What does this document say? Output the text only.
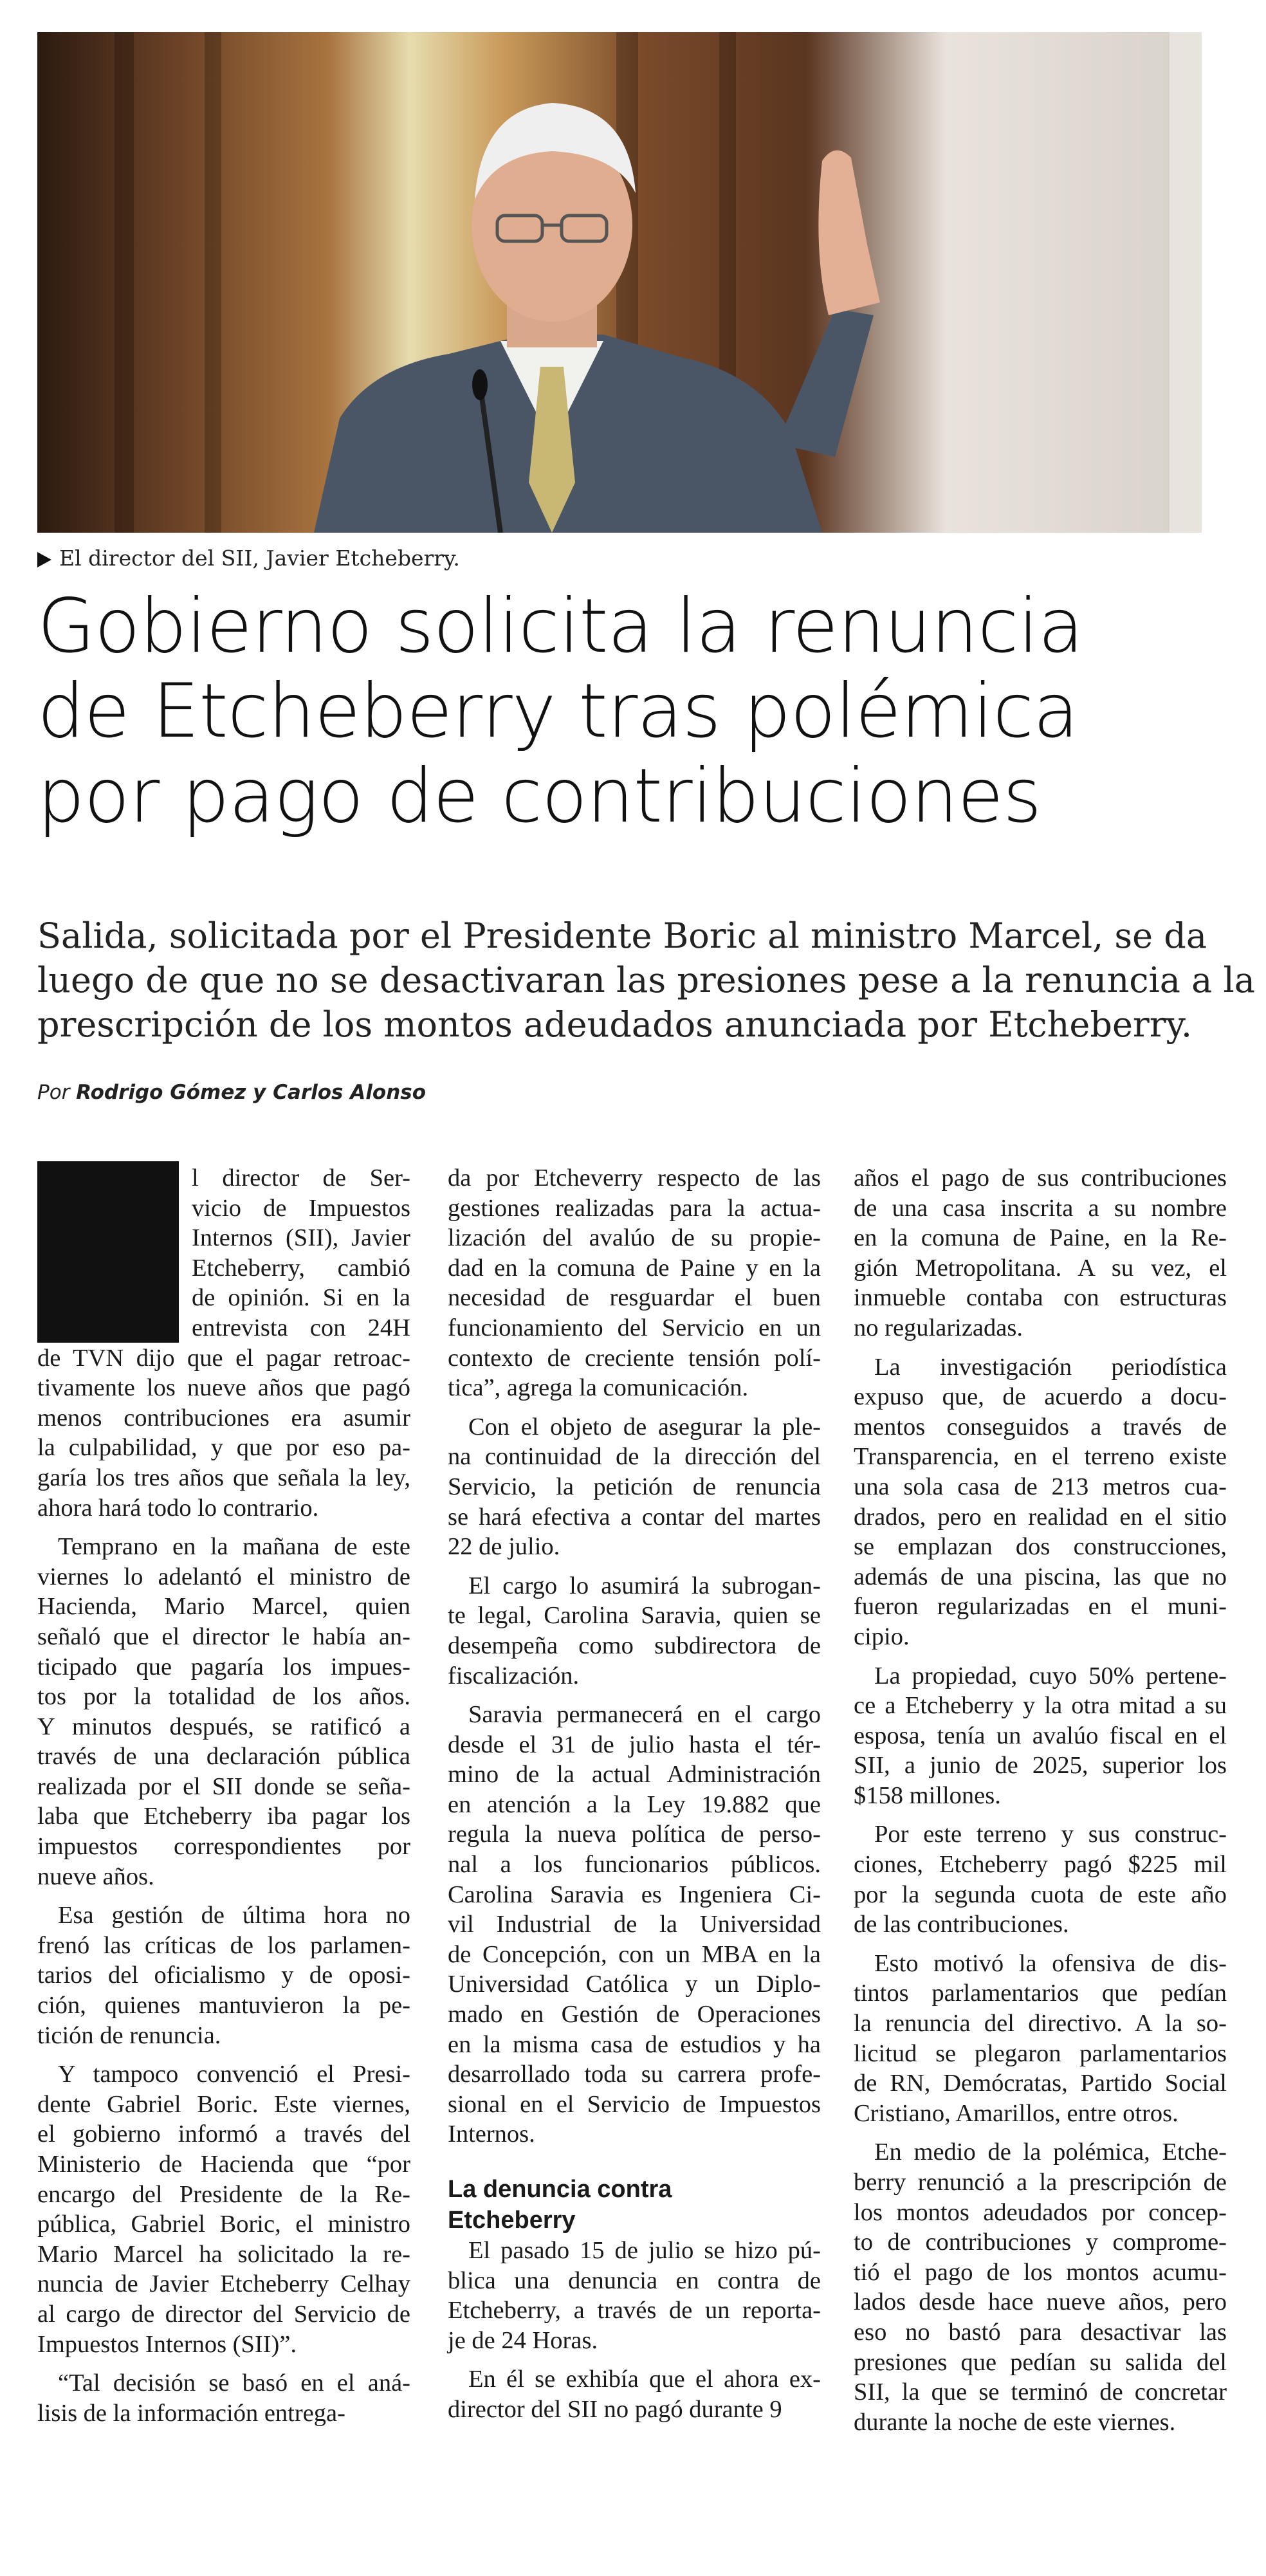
El director del SII, Javier Etcheberry.
Gobierno solicita la renuncia
de Etcheberry tras polémica
por pago de contribuciones
Salida, solicitada por el Presidente Boric al ministro Marcel, se da
luego de que no se desactivaran las presiones pese a la renuncia a la
prescripción de los montos adeudados anunciada por Etcheberry.
Por Rodrigo Gómez y Carlos Alonso
E l director de Ser-
vicio de Impuestos
Internos (SII), Javier
Etcheberry, cambió
de opinión. Si en la
entrevista con 24H
de TVN dijo que el pagar retroac-
tivamente los nueve años que pagó
menos contribuciones era asumir
la culpabilidad, y que por eso pa-
garía los tres años que señala la ley,
ahora hará todo lo contrario.
Temprano en la mañana de este
viernes lo adelantó el ministro de
Hacienda, Mario Marcel, quien
señaló que el director le había an-
ticipado que pagaría los impues-
tos por la totalidad de los años.
Y minutos después, se ratificó a
través de una declaración pública
realizada por el SII donde se seña-
laba que Etcheberry iba pagar los
impuestos correspondientes por
nueve años.
Esa gestión de última hora no
frenó las críticas de los parlamen-
tarios del oficialismo y de oposi-
ción, quienes mantuvieron la pe-
tición de renuncia.
Y tampoco convenció el Presi-
dente Gabriel Boric. Este viernes,
el gobierno informó a través del
Ministerio de Hacienda que “por
encargo del Presidente de la Re-
pública, Gabriel Boric, el ministro
Mario Marcel ha solicitado la re-
nuncia de Javier Etcheberry Celhay
al cargo de director del Servicio de
Impuestos Internos (SII)”.
“Tal decisión se basó en el aná-
lisis de la información entrega-
da por Etcheverry respecto de las
gestiones realizadas para la actua-
lización del avalúo de su propie-
dad en la comuna de Paine y en la
necesidad de resguardar el buen
funcionamiento del Servicio en un
contexto de creciente tensión polí-
tica”, agrega la comunicación.
Con el objeto de asegurar la ple-
na continuidad de la dirección del
Servicio, la petición de renuncia
se hará efectiva a contar del martes
22 de julio.
El cargo lo asumirá la subrogan-
te legal, Carolina Saravia, quien se
desempeña como subdirectora de
fiscalización.
Saravia permanecerá en el cargo
desde el 31 de julio hasta el tér-
mino de la actual Administración
en atención a la Ley 19.882 que
regula la nueva política de perso-
nal a los funcionarios públicos.
Carolina Saravia es Ingeniera Ci-
vil Industrial de la Universidad
de Concepción, con un MBA en la
Universidad Católica y un Diplo-
mado en Gestión de Operaciones
en la misma casa de estudios y ha
desarrollado toda su carrera profe-
sional en el Servicio de Impuestos
Internos.
La denuncia contra
Etcheberry
El pasado 15 de julio se hizo pú-
blica una denuncia en contra de
Etcheberry, a través de un reporta-
je de 24 Horas.
En él se exhibía que el ahora ex-
director del SII no pagó durante 9
años el pago de sus contribuciones
de una casa inscrita a su nombre
en la comuna de Paine, en la Re-
gión Metropolitana. A su vez, el
inmueble contaba con estructuras
no regularizadas.
La investigación periodística
expuso que, de acuerdo a docu-
mentos conseguidos a través de
Transparencia, en el terreno existe
una sola casa de 213 metros cua-
drados, pero en realidad en el sitio
se emplazan dos construcciones,
además de una piscina, las que no
fueron regularizadas en el muni-
cipio.
La propiedad, cuyo 50% pertene-
ce a Etcheberry y la otra mitad a su
esposa, tenía un avalúo fiscal en el
SII, a junio de 2025, superior los
$158 millones.
Por este terreno y sus construc-
ciones, Etcheberry pagó $225 mil
por la segunda cuota de este año
de las contribuciones.
Esto motivó la ofensiva de dis-
tintos parlamentarios que pedían
la renuncia del directivo. A la so-
licitud se plegaron parlamentarios
de RN, Demócratas, Partido Social
Cristiano, Amarillos, entre otros.
En medio de la polémica, Etche-
berry renunció a la prescripción de
los montos adeudados por concep-
to de contribuciones y comprome-
tió el pago de los montos acumu-
lados desde hace nueve años, pero
eso no bastó para desactivar las
presiones que pedían su salida del
SII, la que se terminó de concretar
durante la noche de este viernes.
